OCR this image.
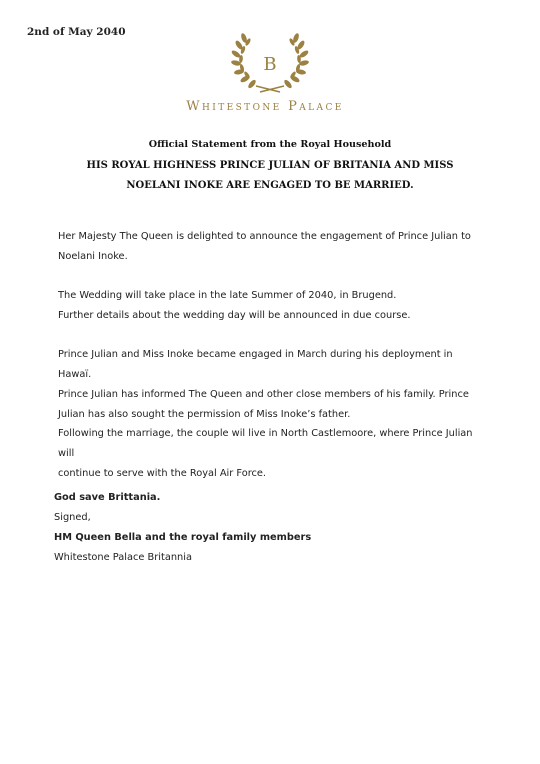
2nd of May 2040
B
Whitestone Palace
Official Statement from the Royal Household
HIS ROYAL HIGHNESS PRINCE JULIAN OF BRITANIA AND MISS
NOELANI INOKE ARE ENGAGED TO BE MARRIED.
Her Majesty The Queen is delighted to announce the engagement of Prince Julian to
Noelani Inoke.
The Wedding will take place in the late Summer of 2040, in Brugend.
Further details about the wedding day will be announced in due course.
Prince Julian and Miss Inoke became engaged in March during his deployment in Hawaï.
Prince Julian has informed The Queen and other close members of his family. Prince
Julian has also sought the permission of Miss Inoke’s father.
Following the marriage, the couple wil live in North Castlemoore, where Prince Julian will
continue to serve with the Royal Air Force.
God save Brittania.
Signed,
HM Queen Bella and the royal family members
Whitestone Palace Britannia
